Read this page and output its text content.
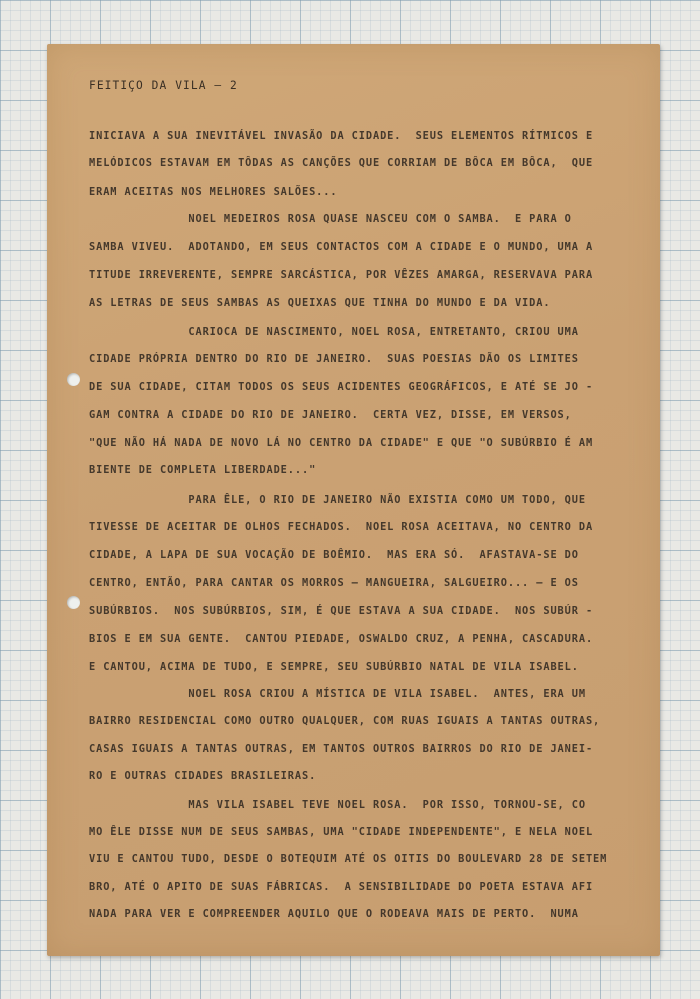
FEITIÇO DA VILA — 2
INICIAVA A SUA INEVITÁVEL INVASÃO DA CIDADE.  SEUS ELEMENTOS RÍTMICOS E
MELÓDICOS ESTAVAM EM TÔDAS AS CANÇÕES QUE CORRIAM DE BÔCA EM BÔCA,  QUE
ERAM ACEITAS NOS MELHORES SALÕES...
NOEL MEDEIROS ROSA QUASE NASCEU COM O SAMBA.  E PARA O
SAMBA VIVEU.  ADOTANDO, EM SEUS CONTACTOS COM A CIDADE E O MUNDO, UMA A
TITUDE IRREVERENTE, SEMPRE SARCÁSTICA, POR VÊZES AMARGA, RESERVAVA PARA
AS LETRAS DE SEUS SAMBAS AS QUEIXAS QUE TINHA DO MUNDO E DA VIDA.
CARIOCA DE NASCIMENTO, NOEL ROSA, ENTRETANTO, CRIOU UMA
CIDADE PRÓPRIA DENTRO DO RIO DE JANEIRO.  SUAS POESIAS DÃO OS LIMITES
DE SUA CIDADE, CITAM TODOS OS SEUS ACIDENTES GEOGRÁFICOS, E ATÉ SE JO -
GAM CONTRA A CIDADE DO RIO DE JANEIRO.  CERTA VEZ, DISSE, EM VERSOS,
"QUE NÃO HÁ NADA DE NOVO LÁ NO CENTRO DA CIDADE" E QUE "O SUBÚRBIO É AM
BIENTE DE COMPLETA LIBERDADE..."
PARA ÊLE, O RIO DE JANEIRO NÃO EXISTIA COMO UM TODO, QUE
TIVESSE DE ACEITAR DE OLHOS FECHADOS.  NOEL ROSA ACEITAVA, NO CENTRO DA
CIDADE, A LAPA DE SUA VOCAÇÃO DE BOÊMIO.  MAS ERA SÓ.  AFASTAVA-SE DO
CENTRO, ENTÃO, PARA CANTAR OS MORROS — MANGUEIRA, SALGUEIRO... — E OS
SUBÚRBIOS.  NOS SUBÚRBIOS, SIM, É QUE ESTAVA A SUA CIDADE.  NOS SUBÚR -
BIOS E EM SUA GENTE.  CANTOU PIEDADE, OSWALDO CRUZ, A PENHA, CASCADURA.
E CANTOU, ACIMA DE TUDO, E SEMPRE, SEU SUBÚRBIO NATAL DE VILA ISABEL.
NOEL ROSA CRIOU A MÍSTICA DE VILA ISABEL.  ANTES, ERA UM
BAIRRO RESIDENCIAL COMO OUTRO QUALQUER, COM RUAS IGUAIS A TANTAS OUTRAS,
CASAS IGUAIS A TANTAS OUTRAS, EM TANTOS OUTROS BAIRROS DO RIO DE JANEI-
RO E OUTRAS CIDADES BRASILEIRAS.
MAS VILA ISABEL TEVE NOEL ROSA.  POR ISSO, TORNOU-SE, CO
MO ÊLE DISSE NUM DE SEUS SAMBAS, UMA "CIDADE INDEPENDENTE", E NELA NOEL
VIU E CANTOU TUDO, DESDE O BOTEQUIM ATÉ OS OITIS DO BOULEVARD 28 DE SETEM
BRO, ATÉ O APITO DE SUAS FÁBRICAS.  A SENSIBILIDADE DO POETA ESTAVA AFI
NADA PARA VER E COMPREENDER AQUILO QUE O RODEAVA MAIS DE PERTO.  NUMA
